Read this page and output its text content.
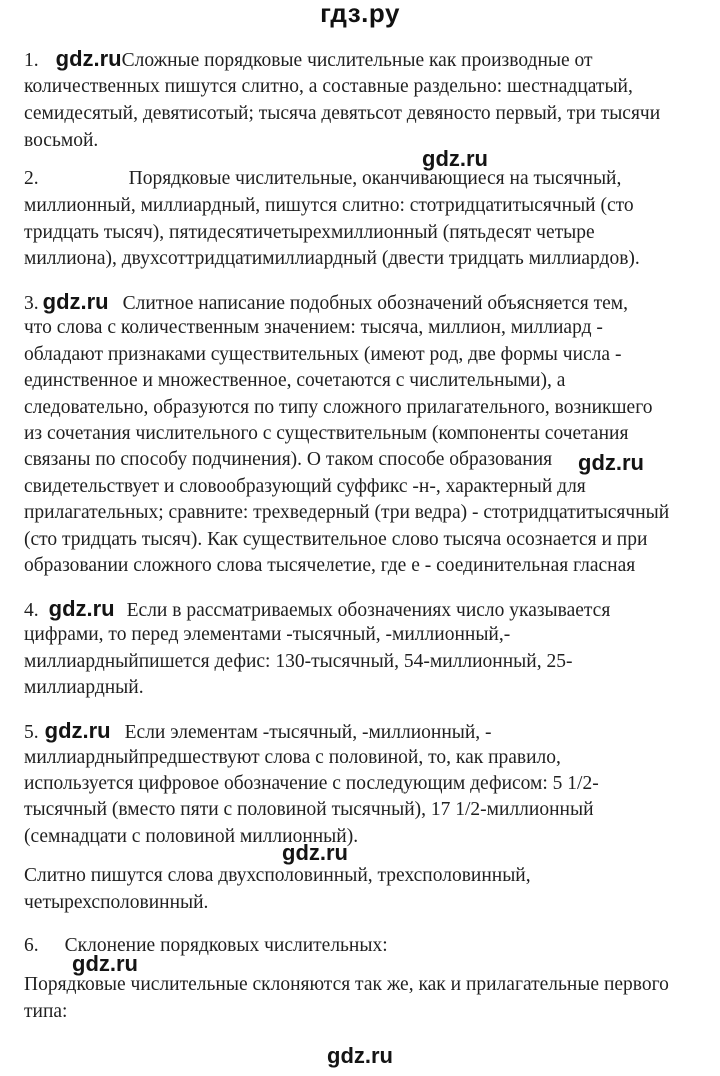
гдз.ру
1. gdz.ruСложные порядковые числительные как производные от
количественных пишутся слитно, а составные раздельно: шестнадцатый,
семидесятый, девятисотый; тысяча девятьсот девяносто первый, три тысячи
восьмой.
gdz.ru
2.	Порядковые числительные, оканчивающиеся на тысячный,
миллионный, миллиардный, пишутся слитно: стотридцатитысячный (сто
тридцать тысяч), пятидесятичетырехмиллионный (пятьдесят четыре
миллиона), двухсоттридцатимиллиардный (двести тридцать миллиардов).
3. gdz.ru Слитное написание подобных обозначений объясняется тем,
что слова с количественным значением: тысяча, миллион, миллиард -
обладают признаками существительных (имеют род, две формы числа -
единственное и множественное, сочетаются с числительными), а
следовательно, образуются по типу сложного прилагательного, возникшего
из сочетания числительного с существительным (компоненты сочетания
связаны по способу подчинения). О таком способе образования gdz.ru
свидетельствует и словообразующий суффикс -н-, характерный для
прилагательных; сравните: трехведерный (три ведра) - стотридцатитысячный
(сто тридцать тысяч). Как существительное слово тысяча осознается и при
образовании сложного слова тысячелетие, где е - соединительная гласная
4. gdz.ru Если в рассматриваемых обозначениях число указывается
цифрами, то перед элементами -тысячный, -миллионный,-
миллиардныйпишется дефис: 130-тысячный, 54-миллионный, 25-
миллиардный.
5. gdz.ru Если элементам -тысячный, -миллионный, -
миллиардныйпредшествуют слова с половиной, то, как правило,
используется цифровое обозначение с последующим дефисом: 5 1/2-
тысячный (вместо пяти с половиной тысячный), 17 1/2-миллионный
(семнадцати с половиной миллионный).
gdz.ru
Слитно пишутся слова двухсполовинный, трехсполовинный,
четырехсполовинный.
6. Склонение порядковых числительных:
gdz.ru
Порядковые числительные склоняются так же, как и прилагательные первого
типа:
gdz.ru
